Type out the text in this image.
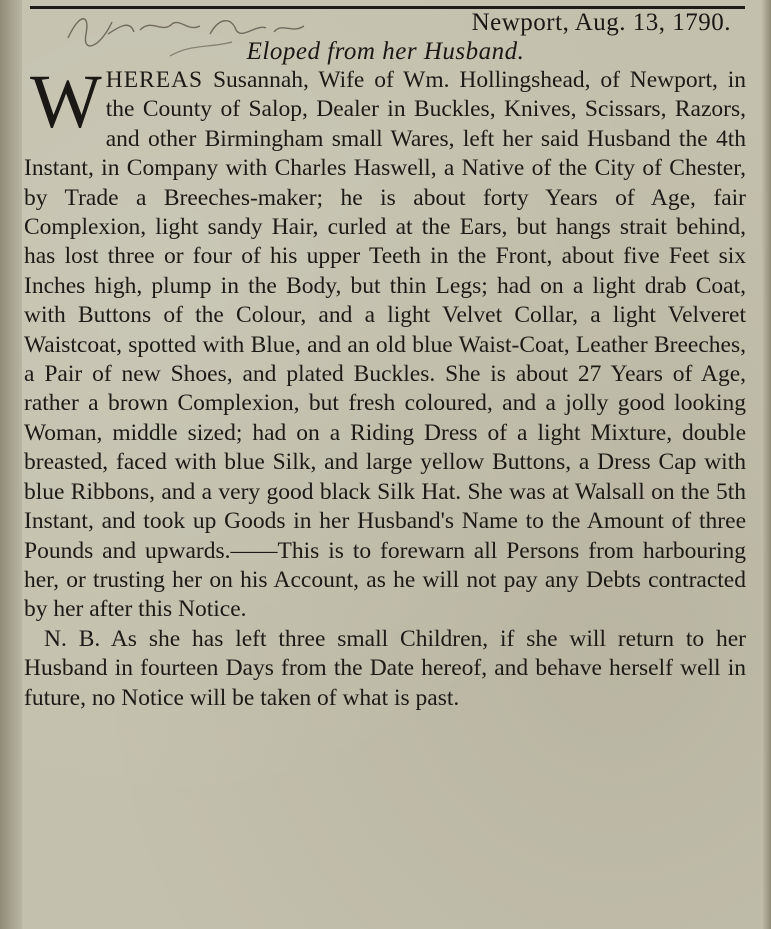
Newport, Aug. 13, 1790.
Eloped from her Husband.

WHEREAS Susannah, Wife of Wm. Hollingshead, of Newport, in the County of Salop, Dealer in Buckles, Knives, Scissars, Razors, and other Birmingham small Wares, left her said Husband the 4th Instant, in Company with Charles Haswell, a Native of the City of Chester, by Trade a Breeches-maker; he is about forty Years of Age, fair Complexion, light sandy Hair, curled at the Ears, but hangs strait behind, has lost three or four of his upper Teeth in the Front, about five Feet six Inches high, plump in the Body, but thin Legs; had on a light drab Coat, with Buttons of the Colour, and a light Velvet Collar, a light Velveret Waistcoat, spotted with Blue, and an old blue Waist-Coat, Leather Breeches, a Pair of new Shoes, and plated Buckles. She is about 27 Years of Age, rather a brown Complexion, but fresh coloured, and a jolly good looking Woman, middle sized; had on a Riding Dress of a light Mixture, double breasted, faced with blue Silk, and large yellow Buttons, a Dress Cap with blue Ribbons, and a very good black Silk Hat. She was at Walsall on the 5th Instant, and took up Goods in her Husband's Name to the Amount of three Pounds and upwards.——This is to forewarn all Persons from harbouring her, or trusting her on his Account, as he will not pay any Debts contracted by her after this Notice.

N. B. As she has left three small Children, if she will return to her Husband in fourteen Days from the Date hereof, and behave herself well in future, no Notice will be taken of what is past.
